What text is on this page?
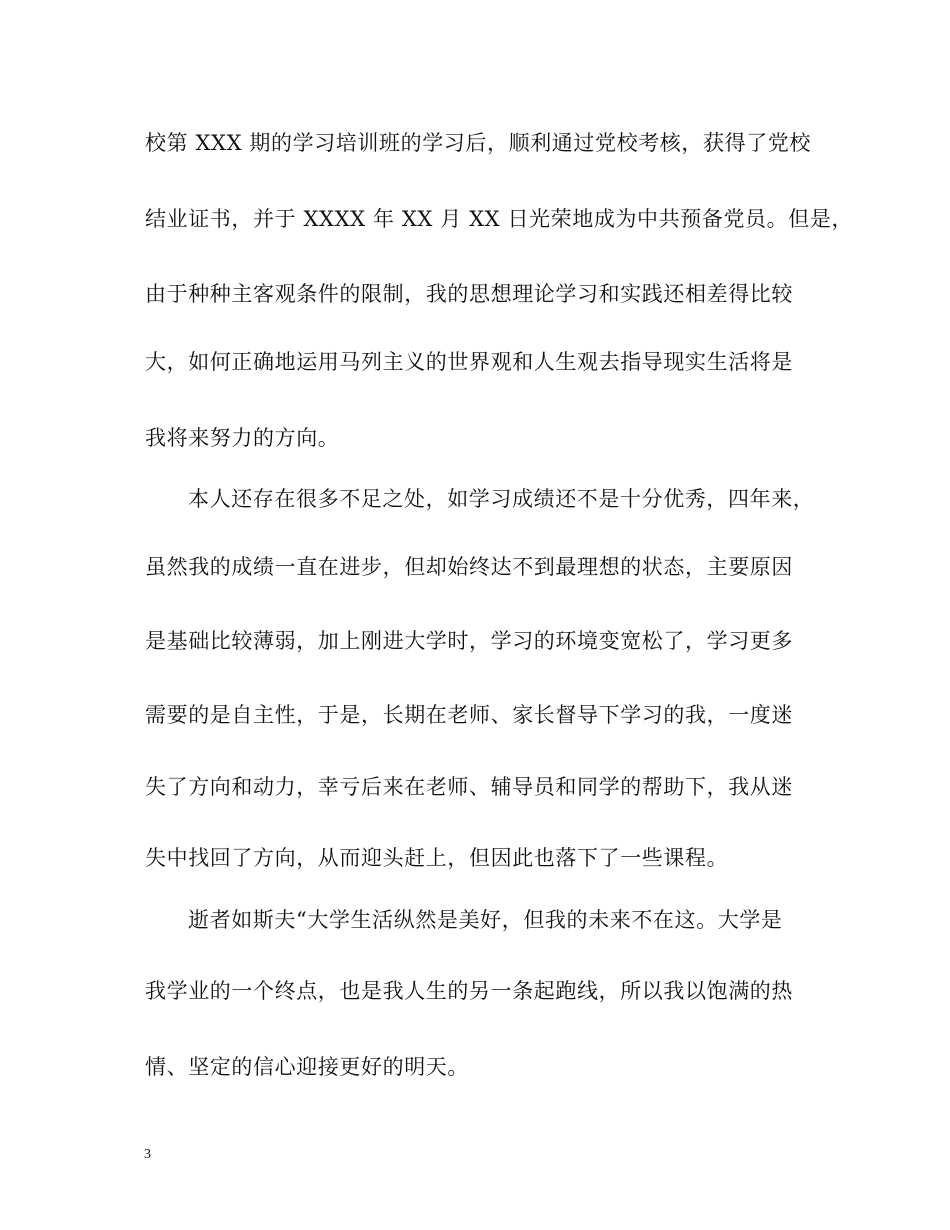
校第 XXX 期的学习培训班的学习后，顺利通过党校考核，获得了党校
结业证书，并于 XXXX 年 XX 月 XX 日光荣地成为中共预备党员。但是，
由于种种主客观条件的限制，我的思想理论学习和实践还相差得比较
大，如何正确地运用马列主义的世界观和人生观去指导现实生活将是
我将来努力的方向。
本人还存在很多不足之处，如学习成绩还不是十分优秀，四年来，
虽然我的成绩一直在进步，但却始终达不到最理想的状态，主要原因
是基础比较薄弱，加上刚进大学时，学习的环境变宽松了，学习更多
需要的是自主性，于是，长期在老师、家长督导下学习的我，一度迷
失了方向和动力，幸亏后来在老师、辅导员和同学的帮助下，我从迷
失中找回了方向，从而迎头赶上，但因此也落下了一些课程。
逝者如斯夫“大学生活纵然是美好，但我的未来不在这。大学是
我学业的一个终点，也是我人生的另一条起跑线，所以我以饱满的热
情、坚定的信心迎接更好的明天。
3
